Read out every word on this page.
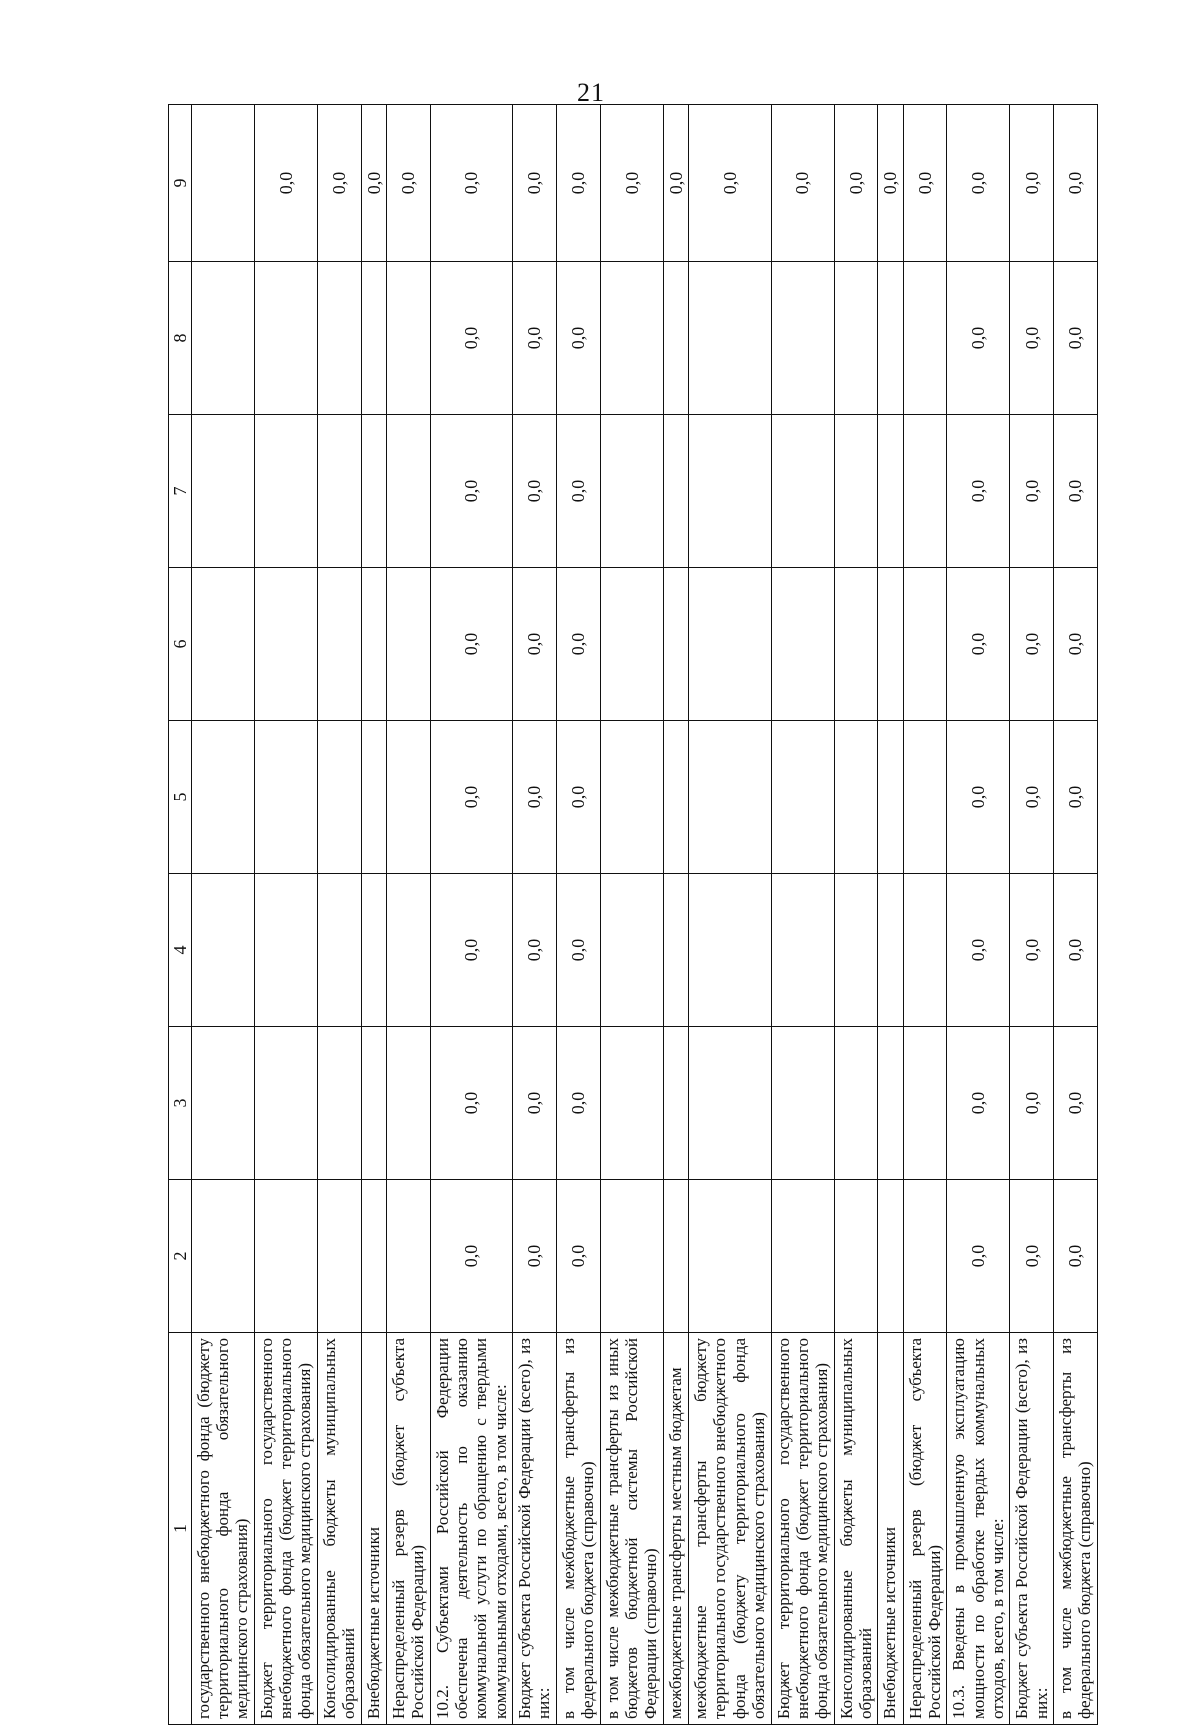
21
1	2	3	4	5	6	7	8	9
государственного внебюджетного фонда (бюджету территориального фонда обязательного медицинского страхования)								
Бюджет территориального государственного внебюджетного фонда (бюджет территориального фонда обязательного медицинского страхования)								0,0
Консолидированные бюджеты муниципальных образований								0,0
Внебюджетные источники								0,0
Нераспределенный резерв (бюджет субъекта Российской Федерации)								0,0
10.2. Субъектами Российской Федерации обеспечена деятельность по оказанию коммунальной услуги по обращению с твердыми коммунальными отходами, всего, в том числе:	0,0	0,0	0,0	0,0	0,0	0,0	0,0	0,0
Бюджет субъекта Российской Федерации (всего), из них:	0,0	0,0	0,0	0,0	0,0	0,0	0,0	0,0
в том числе межбюджетные трансферты из федерального бюджета (справочно)	0,0	0,0	0,0	0,0	0,0	0,0	0,0	0,0
в том числе межбюджетные трансферты из иных бюджетов бюджетной системы Российской Федерации (справочно)								0,0
межбюджетные трансферты местным бюджетам								0,0
межбюджетные трансферты бюджету территориального государственного внебюджетного фонда (бюджету территориального фонда обязательного медицинского страхования)								0,0
Бюджет территориального государственного внебюджетного фонда (бюджет территориального фонда обязательного медицинского страхования)								0,0
Консолидированные бюджеты муниципальных образований								0,0
Внебюджетные источники								0,0
Нераспределенный резерв (бюджет субъекта Российской Федерации)								0,0
10.3. Введены в промышленную эксплуатацию мощности по обработке твердых коммунальных отходов, всего, в том числе:	0,0	0,0	0,0	0,0	0,0	0,0	0,0	0,0
Бюджет субъекта Российской Федерации (всего), из них:	0,0	0,0	0,0	0,0	0,0	0,0	0,0	0,0
в том числе межбюджетные трансферты из федерального бюджета (справочно)	0,0	0,0	0,0	0,0	0,0	0,0	0,0	0,0
